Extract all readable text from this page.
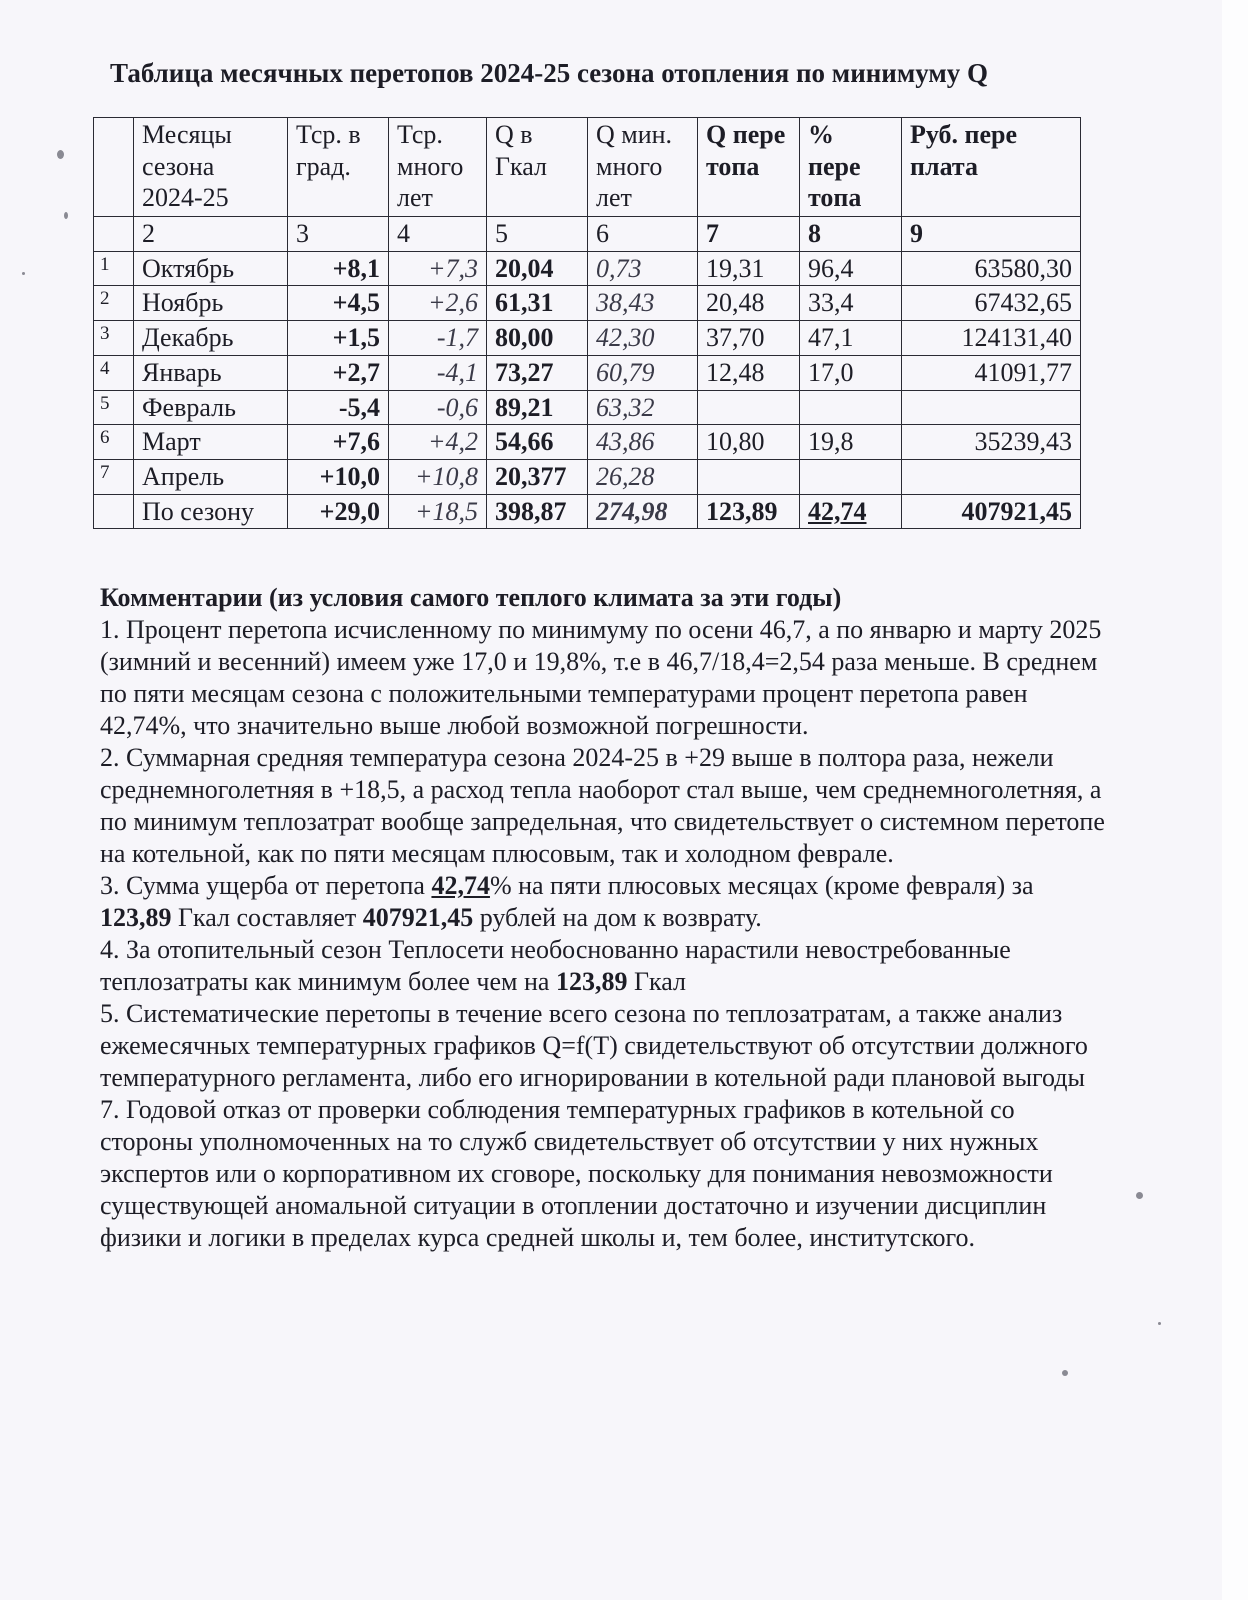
Таблица месячных перетопов 2024-25 сезона отопления по минимуму Q
	Месяцы сезона 2024-25	Тср. в град.	Тср. много лет	Q в Гкал	Q мин. много лет	Q пере топа	% пере топа	Руб. пере плата
	2	3	4	5	6	7	8	9
1	Октябрь	+8,1	+7,3	20,04	0,73	19,31	96,4	63580,30
2	Ноябрь	+4,5	+2,6	61,31	38,43	20,48	33,4	67432,65
3	Декабрь	+1,5	-1,7	80,00	42,30	37,70	47,1	124131,40
4	Январь	+2,7	-4,1	73,27	60,79	12,48	17,0	41091,77
5	Февраль	-5,4	-0,6	89,21	63,32			
6	Март	+7,6	+4,2	54,66	43,86	10,80	19,8	35239,43
7	Апрель	+10,0	+10,8	20,377	26,28			
	По сезону	+29,0	+18,5	398,87	274,98	123,89	42,74	407921,45

Комментарии (из условия самого теплого климата за эти годы)

1. Процент перетопа исчисленному по минимуму по осени 46,7, а по январю и марту 2025 (зимний и весенний) имеем уже 17,0 и 19,8%, т.е в 46,7/18,4=2,54 раза меньше. В среднем по пяти месяцам сезона с положительными температурами процент перетопа равен 42,74%, что значительно выше любой возможной погрешности.

2. Суммарная средняя температура сезона 2024-25 в +29 выше в полтора раза, нежели среднемноголетняя в +18,5, а расход тепла наоборот стал выше, чем среднемноголетняя, а по минимум теплозатрат вообще запредельная, что свидетельствует о системном перетопе на котельной, как по пяти месяцам плюсовым, так и холодном феврале.

3. Сумма ущерба от перетопа 42,74% на пяти плюсовых месяцах (кроме февраля) за 123,89 Гкал составляет 407921,45 рублей на дом к возврату.

4. За отопительный сезон Теплосети необоснованно нарастили невостребованные теплозатраты как минимум более чем на 123,89 Гкал

5. Систематические перетопы в течение всего сезона по теплозатратам, а также анализ ежемесячных температурных графиков Q=f(T) свидетельствуют об отсутствии должного температурного регламента, либо его игнорировании в котельной ради плановой выгоды

7. Годовой отказ от проверки соблюдения температурных графиков в котельной со стороны уполномоченных на то служб свидетельствует об отсутствии у них нужных экспертов или о корпоративном их сговоре, поскольку для понимания невозможности существующей аномальной ситуации в отоплении достаточно и изучении дисциплин физики и логики в пределах курса средней школы и, тем более, институтского.
